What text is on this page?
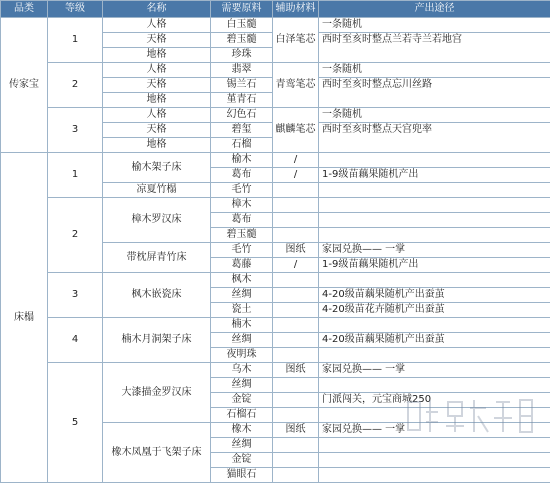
品类	等级	名称	需要原料	辅助材料	产出途径
传家宝	1	人格	白玉髓	白泽笔芯	一条随机
		天格	碧玉髓		西时至亥时整点兰若寺兰若地宫
		地格	珍珠		
	2	人格	翡翠	青鸾笔芯	一条随机
		天格	锡兰石		西时至亥时整点忘川丝路
		地格	堇青石		
	3	人格	幻色石	麒麟笔芯	一条随机
		天格	碧玺		西时至亥时整点天宫兜率
		地格	石榴		
床榻	1	榆木架子床	榆木	/	
			葛布	/	1-9级苗藕果随机产出
		凉夏竹榻	毛竹		
	2	樟木罗汉床	樟木		
			葛布		
			碧玉髓		
		带枕屏青竹床	毛竹	图纸	家园兑换—— 一掌
			葛藤	/	1-9级苗藕果随机产出
	3	枫木嵌瓷床	枫木		
			丝绸		4-20级苗藕果随机产出蚕茧
			瓷土		4-20级苗花卉随机产出蚕茧
	4	楠木月洞架子床	楠木		
			丝绸		4-20级苗藕果随机产出蚕茧
			夜明珠		
	5	大漆描金罗汉床	乌木	图纸	家园兑换—— 一掌
			丝绸		
			金锭		门派闯关，元宝商城250
			石榴石		
		橡木凤凰于飞架子床	橡木	图纸	家园兑换—— 一掌
			丝绸		
			金锭		
			猫眼石		
